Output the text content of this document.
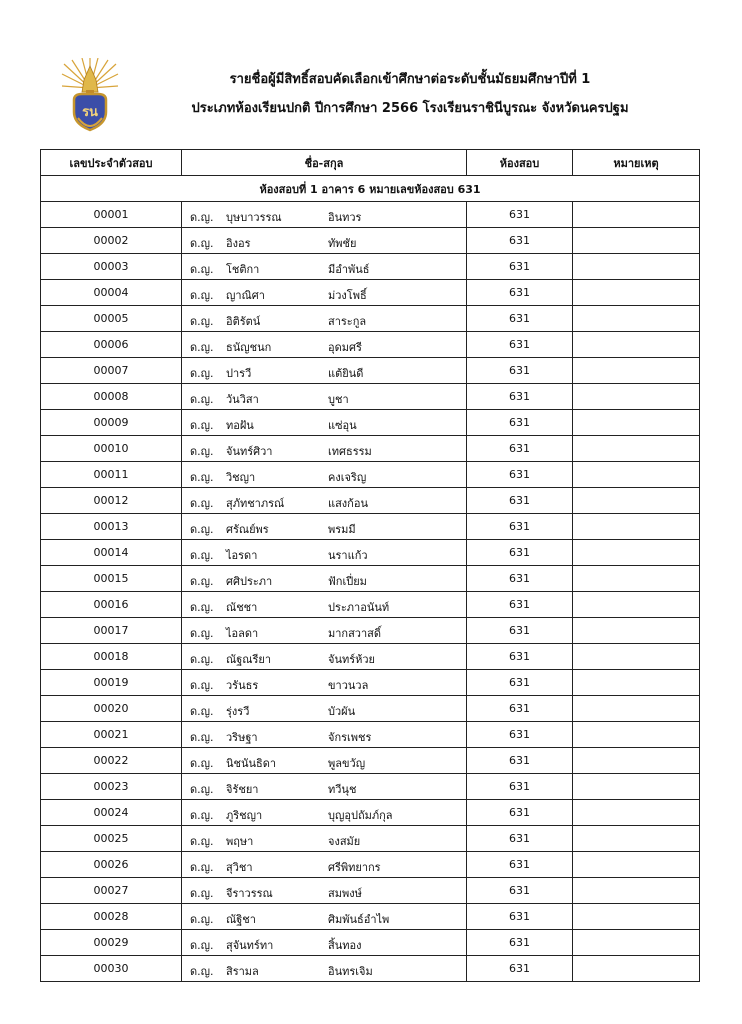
รน
รายชื่อผู้มีสิทธิ์สอบคัดเลือกเข้าศึกษาต่อระดับชั้นมัธยมศึกษาปีที่ 1
ประเภทห้องเรียนปกติ ปีการศึกษา 2566 โรงเรียนราชินีบูรณะ จังหวัดนครปฐม
เลขประจำตัวสอบ	ชื่อ-สกุล	ห้องสอบ	หมายเหตุ
ห้องสอบที่ 1 อาคาร 6 หมายเลขห้องสอบ 631			
00001	ด.ญ. บุษบาวรรณ อินทวร	631	
00002	ด.ญ. อิงอร ทัพชัย	631	
00003	ด.ญ. โชติกา มีอำพันธ์	631	
00004	ด.ญ. ญาณิศา ม่วงโพธิ์	631	
00005	ด.ญ. อิติรัตน์ สาระกูล	631	
00006	ด.ญ. ธนัญชนก อุดมศรี	631	
00007	ด.ญ. ปารวี แต้ยินดี	631	
00008	ด.ญ. วันวิสา บูชา	631	
00009	ด.ญ. ทอฝัน แซ่อุน	631	
00010	ด.ญ. จันทร์ศิวา เทศธรรม	631	
00011	ด.ญ. วิชญา คงเจริญ	631	
00012	ด.ญ. สุภัทชาภรณ์ แสงก้อน	631	
00013	ด.ญ. ศรัณย์พร พรมมี	631	
00014	ด.ญ. ไอรดา นราแก้ว	631	
00015	ด.ญ. ศศิประภา ฟักเปี่ยม	631	
00016	ด.ญ. ณัชชา ประภาอนันท์	631	
00017	ด.ญ. ไอลดา มากสวาสดิ์	631	
00018	ด.ญ. ณัฐณรียา จันทร์ห้วย	631	
00019	ด.ญ. วรันธร ขาวนวล	631	
00020	ด.ญ. รุ่งรวี บัวผัน	631	
00021	ด.ญ. วริษฐา จักรเพชร	631	
00022	ด.ญ. นิชนันธิดา พูลขวัญ	631	
00023	ด.ญ. จิรัชยา ทวีนุช	631	
00024	ด.ญ. ภูริชญา บุญอุปถัมภ์กุล	631	
00025	ด.ญ. พฤษา จงสมัย	631	
00026	ด.ญ. สุวิชา ศรีพิทยากร	631	
00027	ด.ญ. จีราวรรณ สมพงษ์	631	
00028	ด.ญ. ณัฐิชา ศิมพันธ์อำไพ	631	
00029	ด.ญ. สุจันทร์ทา สิ้นทอง	631	
00030	ด.ญ. สิรามล อินทรเจิม	631	
